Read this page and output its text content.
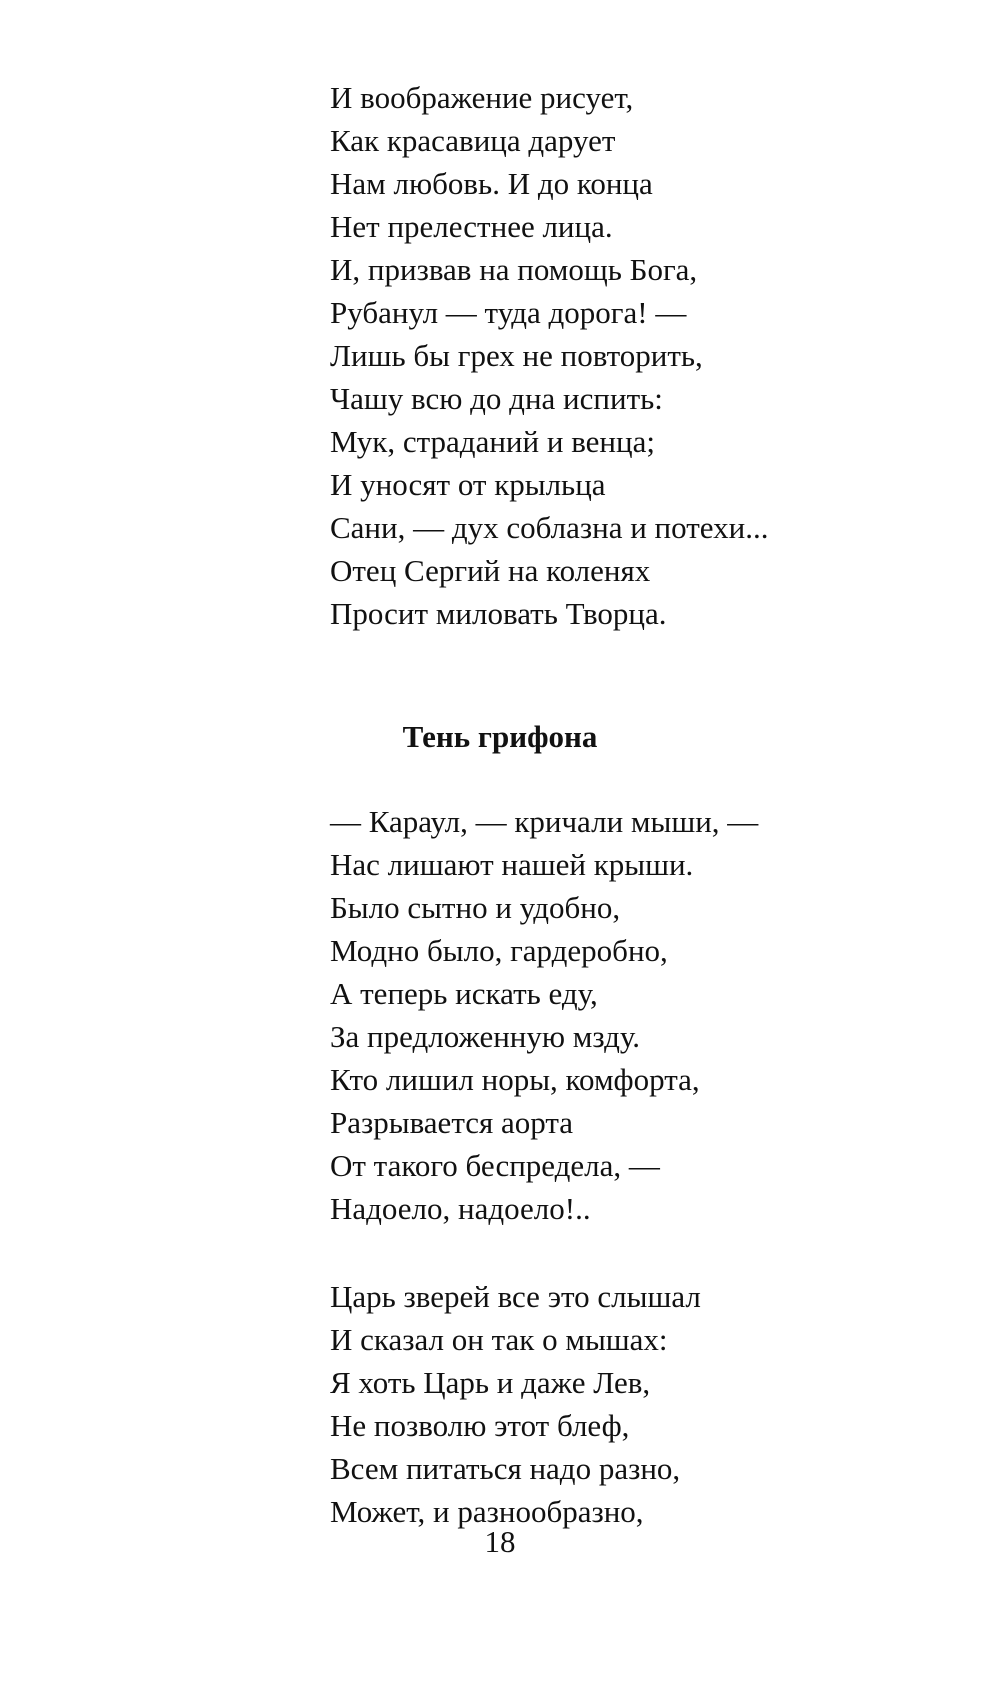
И воображение рисует,
Как красавица дарует
Нам любовь. И до конца
Нет прелестнее лица.
И, призвав на помощь Бога,
Рубанул — туда дорога! —
Лишь бы грех не повторить,
Чашу всю до дна испить:
Мук, страданий и венца;
И уносят от крыльца
Сани, — дух соблазна и потехи...
Отец Сергий на коленях
Просит миловать Творца.
Тень грифона
— Караул, — кричали мыши, —
Нас лишают нашей крыши.
Было сытно и удобно,
Модно было, гардеробно,
А теперь искать еду,
За предложенную мзду.
Кто лишил норы, комфорта,
Разрывается аорта
От такого беспредела, —
Надоело, надоело!..
Царь зверей все это слышал
И сказал он так о мышах:
Я хоть Царь и даже Лев,
Не позволю этот блеф,
Всем питаться надо разно,
Может, и разнообразно,
18
